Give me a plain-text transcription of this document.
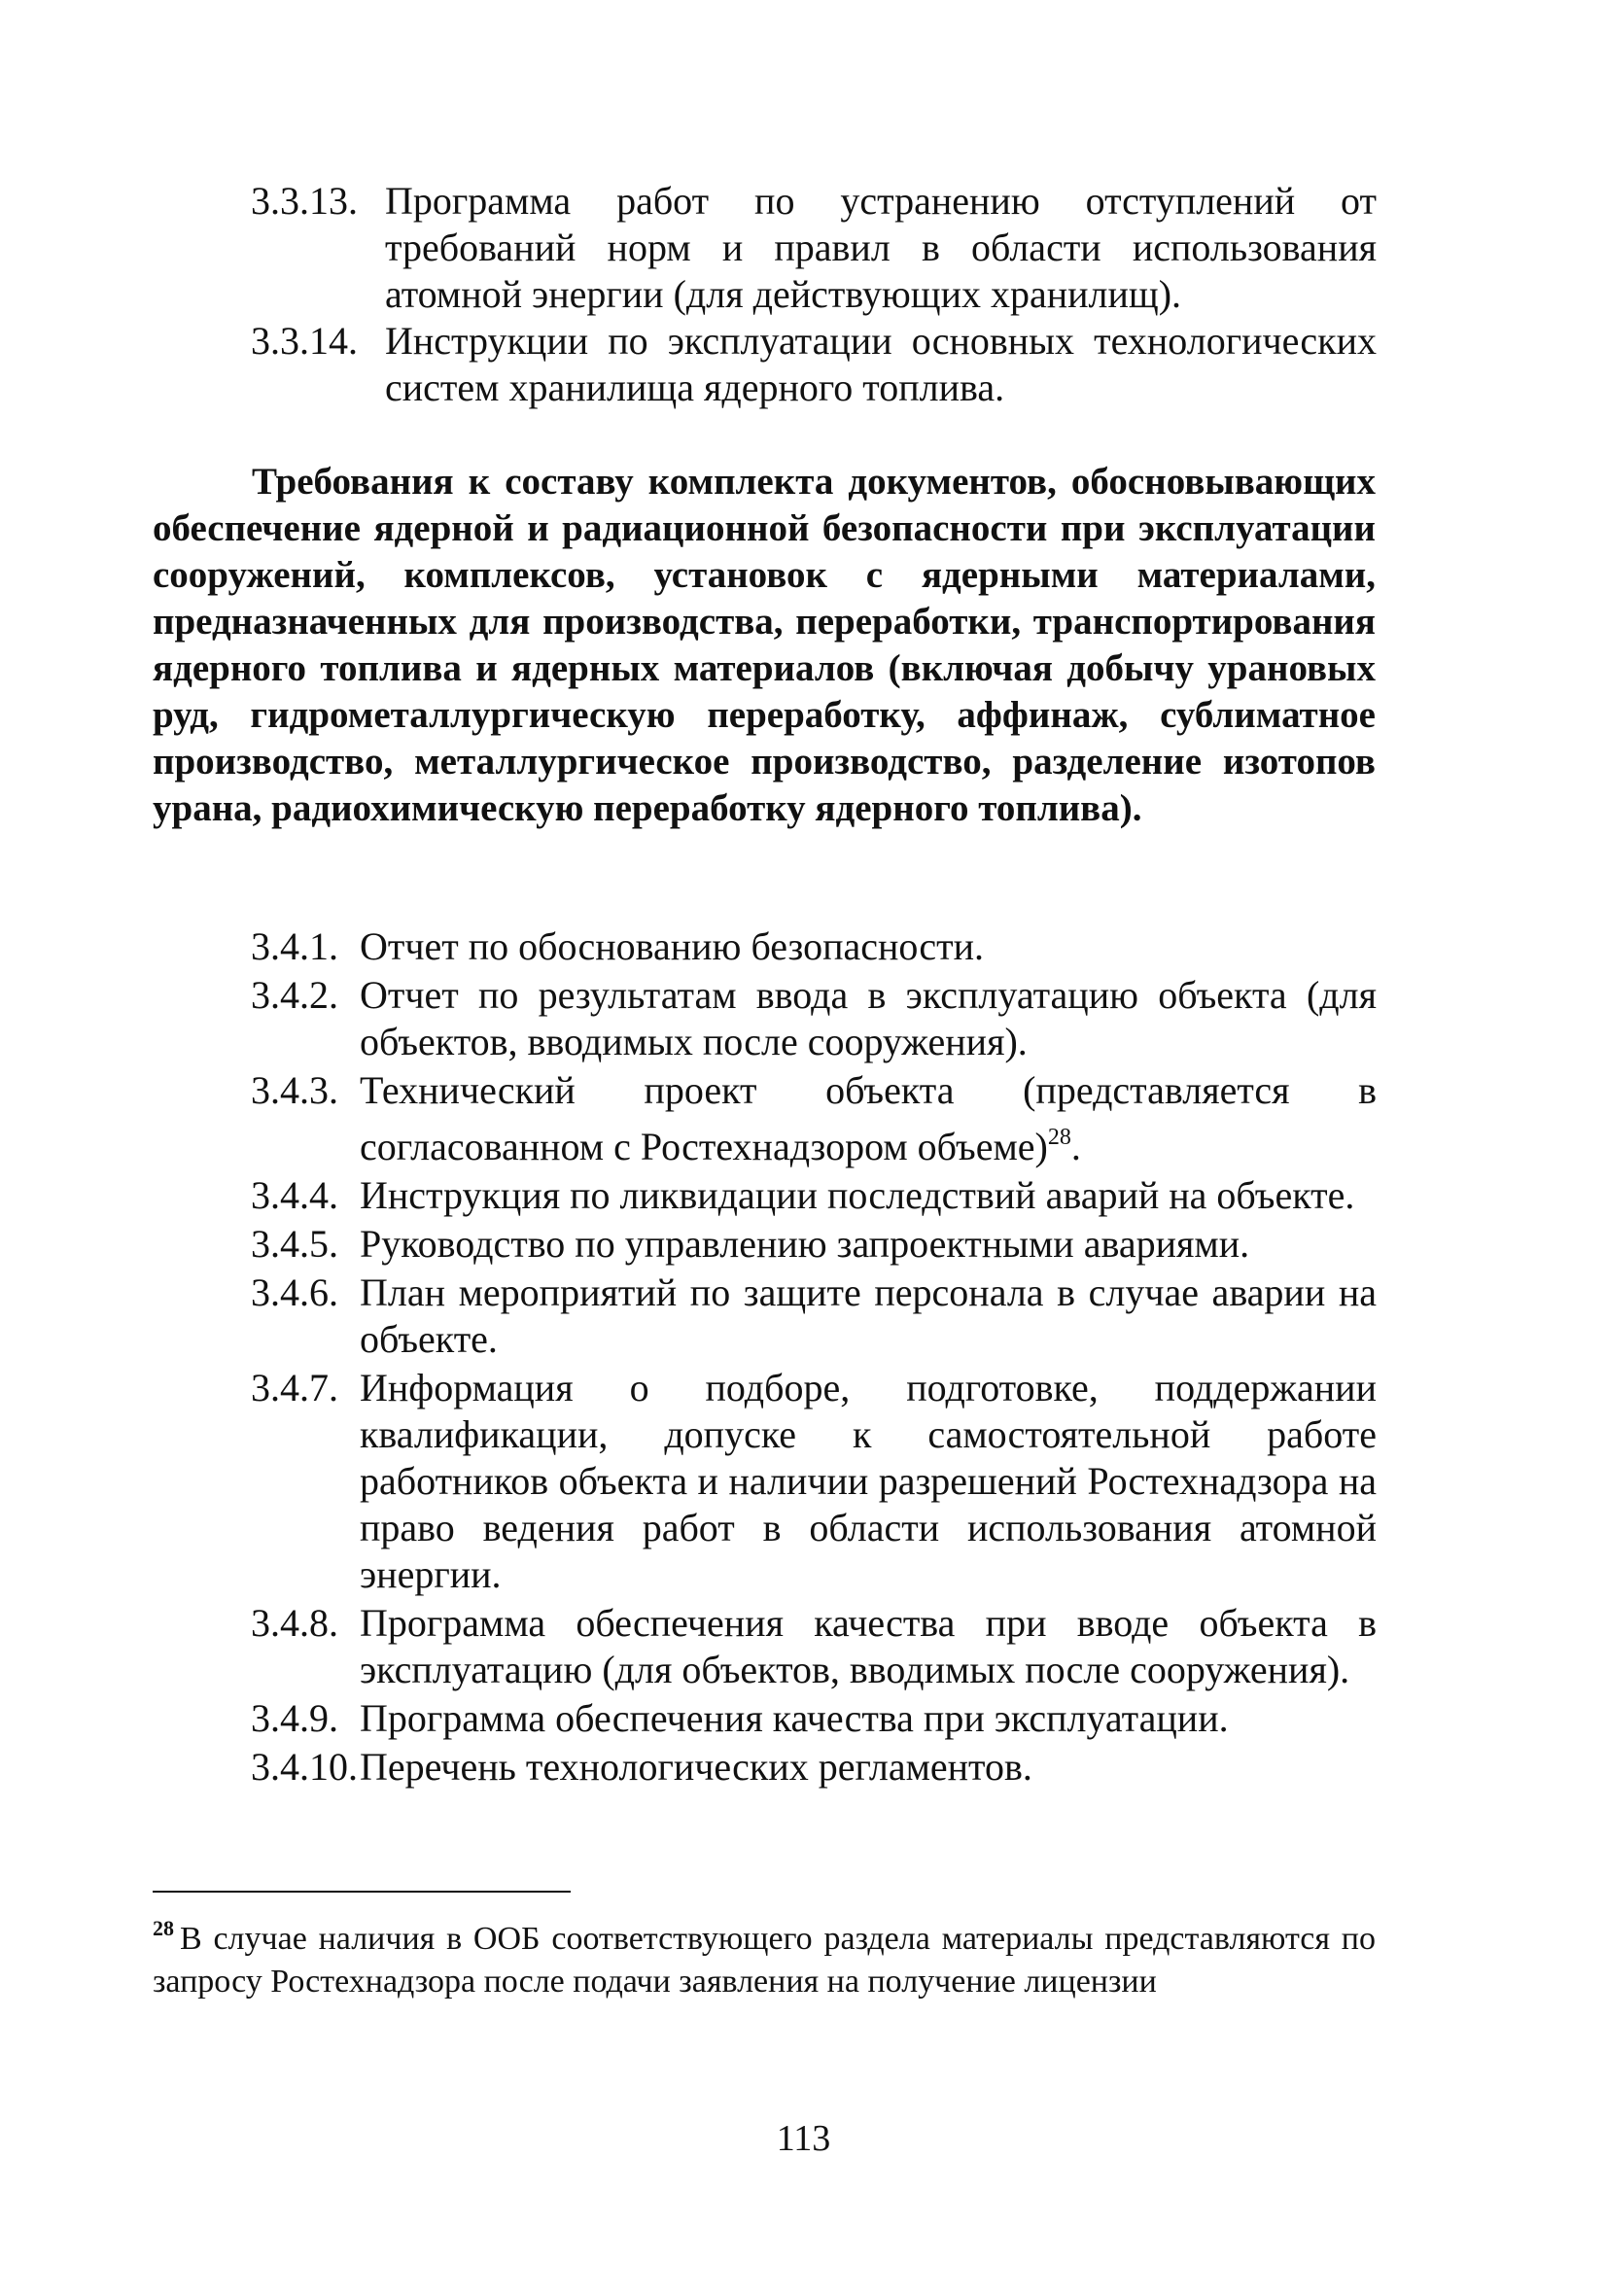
3.3.13. Программа работ по устранению отступлений от требований норм и правил в области использования атомной энергии (для действующих хранилищ).
3.3.14. Инструкции по эксплуатации основных технологических систем хранилища ядерного топлива.

Требования к составу комплекта документов, обосновывающих обеспечение ядерной и радиационной безопасности при эксплуатации сооружений, комплексов, установок с ядерными материалами, предназначенных для производства, переработки, транспортирования ядерного топлива и ядерных материалов (включая добычу урановых руд, гидрометаллургическую переработку, аффинаж, сублиматное производство, металлургическое производство, разделение изотопов урана, радиохимическую переработку ядерного топлива).

3.4.1. Отчет по обоснованию безопасности.
3.4.2. Отчет по результатам ввода в эксплуатацию объекта (для объектов, вводимых после сооружения).
3.4.3. Технический проект объекта (представляется в согласованном с Ростехнадзором объеме)$^{28}$.
3.4.4. Инструкция по ликвидации последствий аварий на объекте.
3.4.5. Руководство по управлению запроектными авариями.
3.4.6. План мероприятий по защите персонала в случае аварии на объекте.
3.4.7. Информация о подборе, подготовке, поддержании квалификации, допуске к самостоятельной работе работников объекта и наличии разрешений Ростехнадзора на право ведения работ в области использования атомной энергии.
3.4.8. Программа обеспечения качества при вводе объекта в эксплуатацию (для объектов, вводимых после сооружения).
3.4.9. Программа обеспечения качества при эксплуатации.
3.4.10. Перечень технологических регламентов.

$^{28}$ В случае наличия в ООБ соответствующего раздела материалы представляются по запросу Ростехнадзора после подачи заявления на получение лицензии

113
